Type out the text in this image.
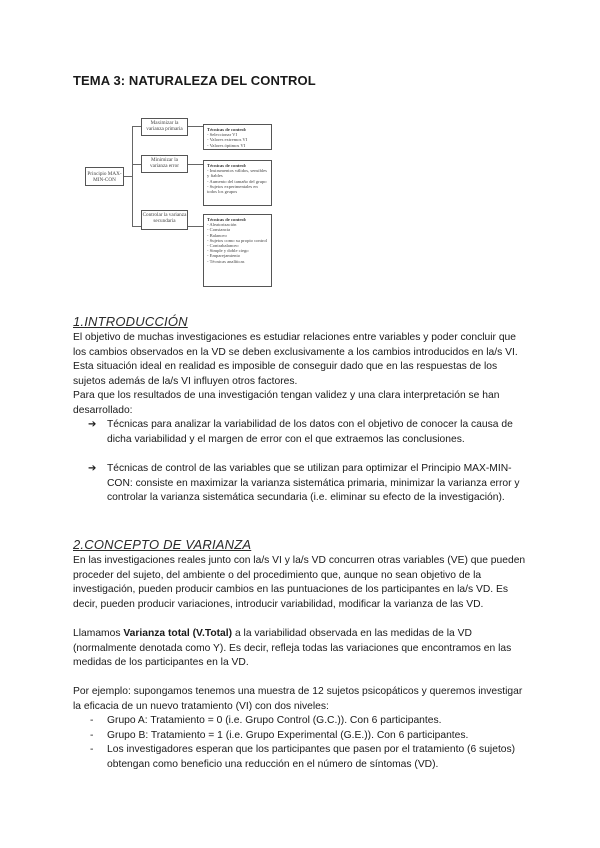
TEMA 3: NATURALEZA DEL CONTROL
Principio MAX-MIN-CON
Maximizar la varianza primaria
Minimizar la varianza error
Controlar la varianza secundaria
Técnicas de control:
- Seleccionar VI
- Valores extremos VI
- Valores óptimos VI
Técnicas de control:
- Instrumentos válidos, sensibles y fiables
- Aumento del tamaño del grupo
- Sujetos experimentales en todos los grupos
Técnicas de control:
- Aleatorización
- Constancia
- Balanceo
- Sujetos como su propio control
- Contrabalanceo
- Simple y doble ciego
- Emparejamiento
- Técnicas analíticas
1.INTRODUCCIÓN

El objetivo de muchas investigaciones es estudiar relaciones entre variables y poder concluir que los cambios observados en la VD se deben exclusivamente a los cambios introducidos en la/s VI. Esta situación ideal en realidad es imposible de conseguir dado que en las respuestas de los sujetos además de la/s VI influyen otros factores.

Para que los resultados de una investigación tengan validez y una clara interpretación se han desarrollado:

➔ Técnicas para analizar la variabilidad de los datos con el objetivo de conocer la causa de dicha variabilidad y el margen de error con el que extraemos las conclusiones.
➔ Técnicas de control de las variables que se utilizan para optimizar el Principio MAX-MIN-CON: consiste en maximizar la varianza sistemática primaria, minimizar la varianza error y controlar la varianza sistemática secundaria (i.e. eliminar su efecto de la investigación).
2.CONCEPTO DE VARIANZA

En las investigaciones reales junto con la/s VI y la/s VD concurren otras variables (VE) que pueden proceder del sujeto, del ambiente o del procedimiento que, aunque no sean objetivo de la investigación, pueden producir cambios en las puntuaciones de los participantes en la/s VD. Es decir, pueden producir variaciones, introducir variabilidad, modificar la varianza de las VD.

Llamamos Varianza total (V.Total) a la variabilidad observada en las medidas de la VD (normalmente denotada como Y). Es decir, refleja todas las variaciones que encontramos en las medidas de los participantes en la VD.

Por ejemplo: supongamos tenemos una muestra de 12 sujetos psicopáticos y queremos investigar la eficacia de un nuevo tratamiento (VI) con dos niveles:

- Grupo A: Tratamiento = 0 (i.e. Grupo Control (G.C.)). Con 6 participantes.
- Grupo B: Tratamiento = 1 (i.e. Grupo Experimental (G.E.)). Con 6 participantes.
- Los investigadores esperan que los participantes que pasen por el tratamiento (6 sujetos) obtengan como beneficio una reducción en el número de síntomas (VD).
